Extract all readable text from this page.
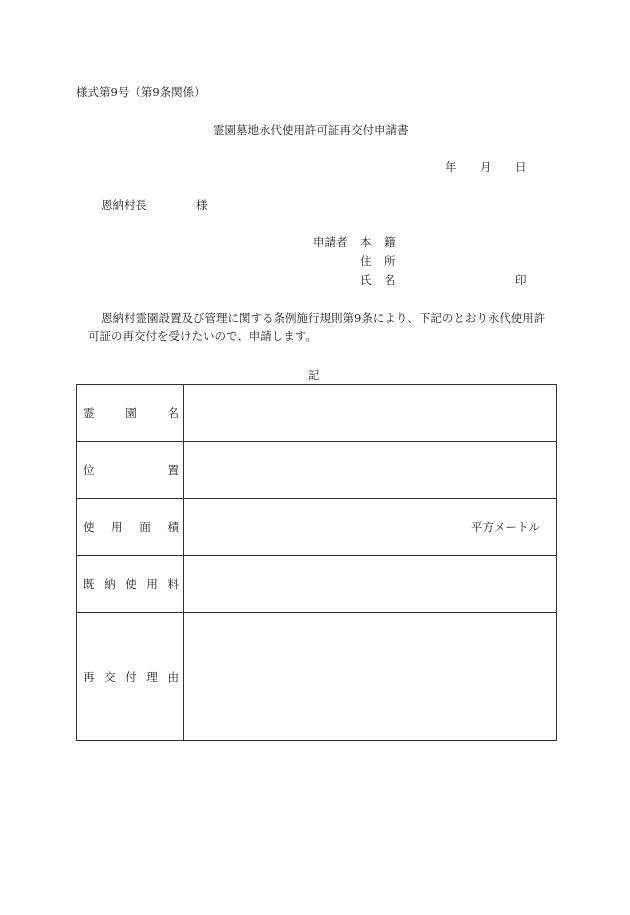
様式第9号（第9条関係）
霊園墓地永代使用許可証再交付申請書
年 月 日
恩納村長	様
申請者 本 籍
住 所
氏 名	印
恩納村霊園設置及び管理に関する条例施行規則第9条により、下記のとおり永代使用許
可証の再交付を受けたいので、申請します。
記
霊 園 名	

位 置	

使 用 面 積	平方メートル

既 納 使 用 料	

再 交 付 理 由	
